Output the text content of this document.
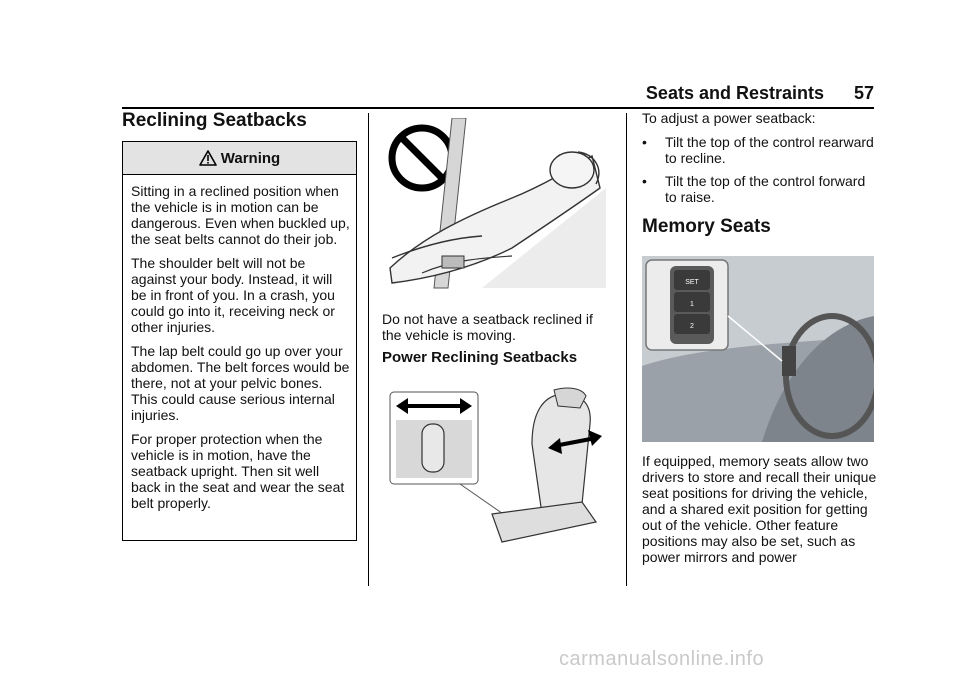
Seats and Restraints 57
Reclining Seatbacks
Warning

Sitting in a reclined position when the vehicle is in motion can be dangerous. Even when buckled up, the seat belts cannot do their job.

The shoulder belt will not be against your body. Instead, it will be in front of you. In a crash, you could go into it, receiving neck or other injuries.

The lap belt could go up over your abdomen. The belt forces would be there, not at your pelvic bones. This could cause serious internal injuries.

For proper protection when the vehicle is in motion, have the seatback upright. Then sit well back in the seat and wear the seat belt properly.

Do not have a seatback reclined if the vehicle is moving.

Power Reclining Seatbacks

To adjust a power seatback:

• Tilt the top of the control rearward to recline.
• Tilt the top of the control forward to raise.
Memory Seats
SET
1
2

If equipped, memory seats allow two drivers to store and recall their unique seat positions for driving the vehicle, and a shared exit position for getting out of the vehicle. Other feature positions may also be set, such as power mirrors and power

carmanualsonline.info
